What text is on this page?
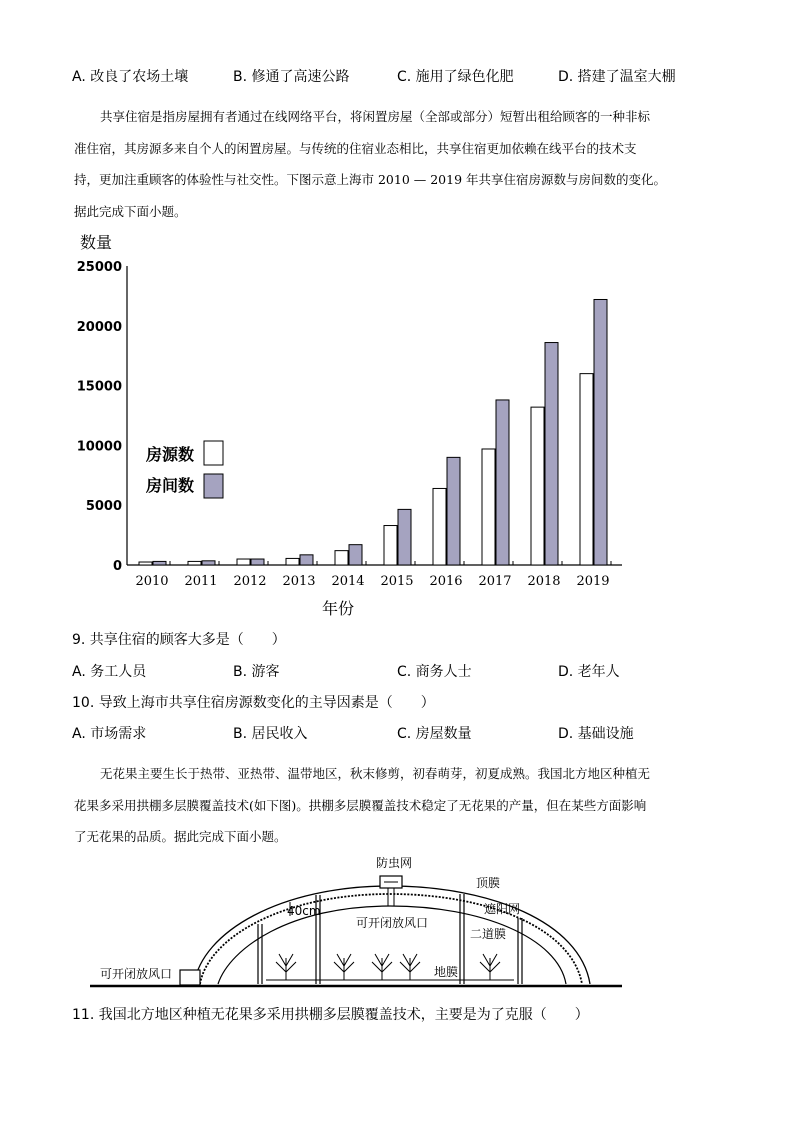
A. 改良了农场土壤	B. 修通了高速公路	C. 施用了绿色化肥	D. 搭建了温室大棚
共享住宿是指房屋拥有者通过在线网络平台，将闲置房屋（全部或部分）短暂出租给顾客的一种非标
准住宿，其房源多来自个人的闲置房屋。与传统的住宿业态相比，共享住宿更加依赖在线平台的技术支
持，更加注重顾客的体验性与社交性。下图示意上海市 2010 — 2019 年共享住宿房源数与房间数的变化。
据此完成下面小题。
数量
25000
20000
15000
10000
5000
0
2010 2011 2012 2013 2014 2015 2016 2017 2018 2019
年份
房源数
房间数
9. 共享住宿的顾客大多是（　　）
A. 务工人员	B. 游客	C. 商务人士	D. 老年人
10. 导致上海市共享住宿房源数变化的主导因素是（　　）
A. 市场需求	B. 居民收入	C. 房屋数量	D. 基础设施
无花果主要生长于热带、亚热带、温带地区，秋末修剪，初春萌芽，初夏成熟。我国北方地区种植无
花果多采用拱棚多层膜覆盖技术(如下图)。拱棚多层膜覆盖技术稳定了无花果的产量，但在某些方面影响
了无花果的品质。据此完成下面小题。
防虫网
顶膜
遮阳网
二道膜
40cm
可开闭放风口
可开闭放风口	地膜
11. 我国北方地区种植无花果多采用拱棚多层膜覆盖技术，主要是为了克服（　　）
